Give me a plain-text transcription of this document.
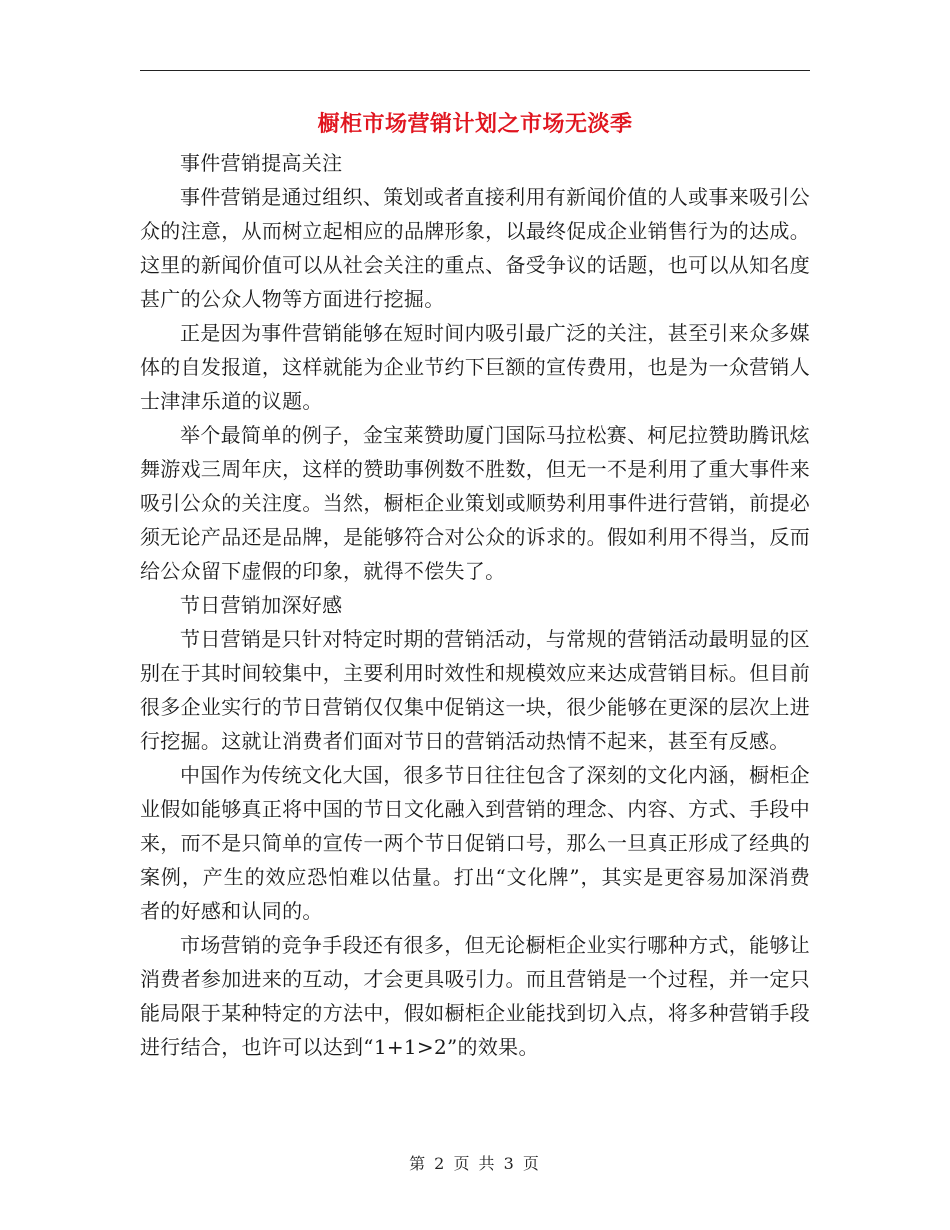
橱柜市场营销计划之市场无淡季

事件营销提高关注

事件营销是通过组织、策划或者直接利用有新闻价值的人或事来吸引公众的注意，从而树立起相应的品牌形象，以最终促成企业销售行为的达成。这里的新闻价值可以从社会关注的重点、备受争议的话题，也可以从知名度甚广的公众人物等方面进行挖掘。

正是因为事件营销能够在短时间内吸引最广泛的关注，甚至引来众多媒体的自发报道，这样就能为企业节约下巨额的宣传费用，也是为一众营销人士津津乐道的议题。

举个最简单的例子，金宝莱赞助厦门国际马拉松赛、柯尼拉赞助腾讯炫舞游戏三周年庆，这样的赞助事例数不胜数，但无一不是利用了重大事件来吸引公众的关注度。当然，橱柜企业策划或顺势利用事件进行营销，前提必须无论产品还是品牌，是能够符合对公众的诉求的。假如利用不得当，反而给公众留下虚假的印象，就得不偿失了。

节日营销加深好感

节日营销是只针对特定时期的营销活动，与常规的营销活动最明显的区别在于其时间较集中，主要利用时效性和规模效应来达成营销目标。但目前很多企业实行的节日营销仅仅集中促销这一块，很少能够在更深的层次上进行挖掘。这就让消费者们面对节日的营销活动热情不起来，甚至有反感。

中国作为传统文化大国，很多节日往往包含了深刻的文化内涵，橱柜企业假如能够真正将中国的节日文化融入到营销的理念、内容、方式、手段中来，而不是只简单的宣传一两个节日促销口号，那么一旦真正形成了经典的案例，产生的效应恐怕难以估量。打出“文化牌”，其实是更容易加深消费者的好感和认同的。

市场营销的竞争手段还有很多，但无论橱柜企业实行哪种方式，能够让消费者参加进来的互动，才会更具吸引力。而且营销是一个过程，并一定只能局限于某种特定的方法中，假如橱柜企业能找到切入点，将多种营销手段进行结合，也许可以达到“1+1>2”的效果。

第 2 页 共 3 页
